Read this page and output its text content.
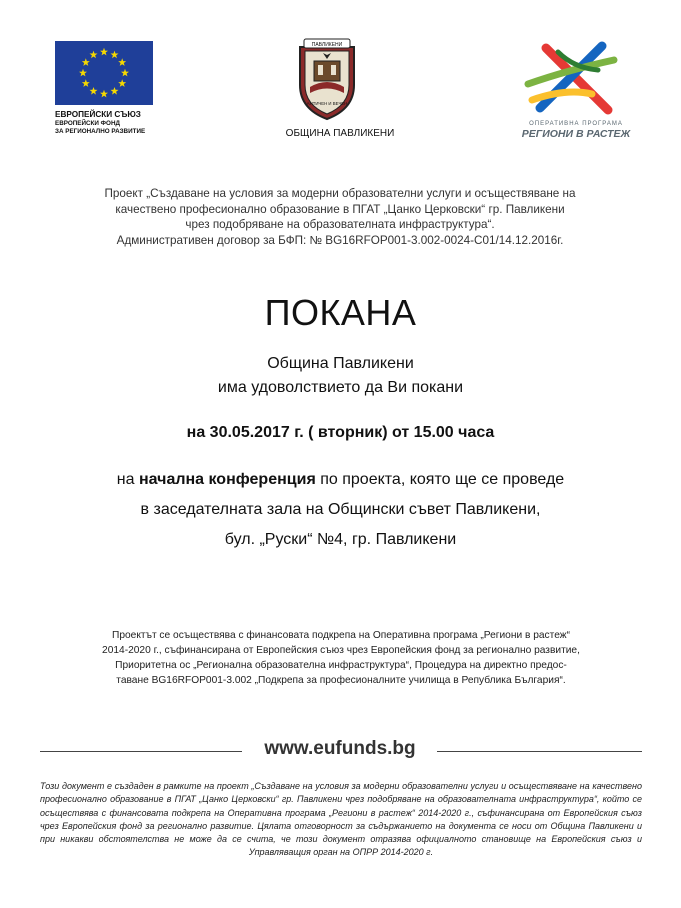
ЕВРОПЕЙСКИ СЪЮЗ
ЕВРОПЕЙСКИ ФОНД
ЗА РЕГИОНАЛНО РАЗВИТИЕ
ПАВЛИКЕНИ
АНТИЧЕН И ВЕЧЕН
ОБЩИНА ПАВЛИКЕНИ
ОПЕРАТИВНА ПРОГРАМА
РЕГИОНИ В РАСТЕЖ
Проект „Създаване на условия за модерни образователни услуги и осъществяване на
качествено професионално образование в ПГАТ „Цанко Церковски“ гр. Павликени
чрез подобряване на образователната инфраструктура“.
Административен договор за БФП: № BG16RFOP001-3.002-0024-C01/14.12.2016г.
ПОКАНА
Община Павликени
има удоволствието да Ви покани
на 30.05.2017 г. ( вторник) от 15.00 часа
на начална конференция по проекта, която ще се проведе
в заседателната зала на Общински съвет Павликени,
бул. „Руски“ №4, гр. Павликени
Проектът се осъществява с финансовата подкрепа на Оперативна програма „Региони в растеж“
2014-2020 г., съфинансирана от Европейския съюз чрез Европейския фонд за регионално развитие,
Приоритетна ос „Регионална образователна инфраструктура“, Процедура на директно предос-
таване BG16RFOP001-3.002 „Подкрепа за професионалните училища в Република България“.
www.eufunds.bg
Този документ е създаден в рамките на проект „Създаване на условия за модерни образователни услуги и осъществяване на качествено професионално образование в ПГАТ „Цанко Церковски“ гр. Павликени чрез подобряване на образователната инфраструктура“, който се осъществява с финансовата подкрепа на Оперативна програма „Региони в растеж“ 2014-2020 г., съфинансирана от Европейския съюз чрез Европейския фонд за регионално развитие. Цялата отговорност за съдържанието на документа се носи от Община Павликени и при никакви обстоятелства не може да се счита, че този документ отразява официалното становище на Европейския съюз и Управляващия орган на ОПРР 2014-2020 г.
